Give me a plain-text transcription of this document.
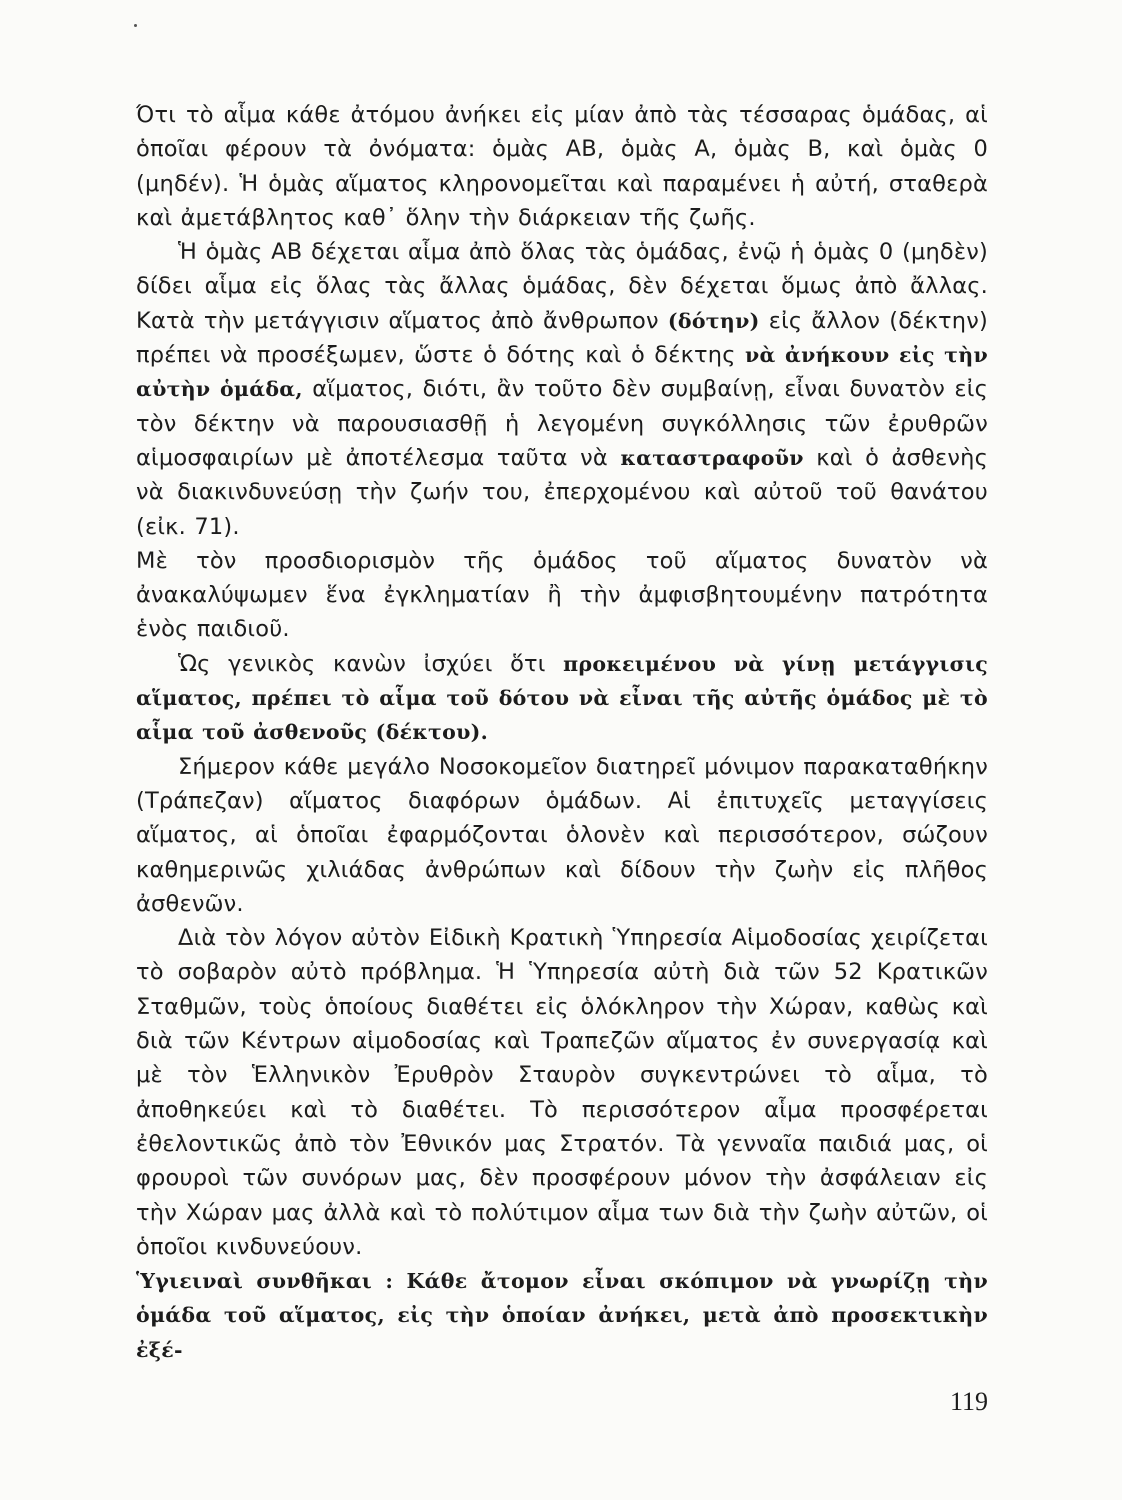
Ότι τὸ αἷμα κάθε ἀτόμου ἀνήκει εἰς μίαν ἀπὸ τὰς τέσσαρας ὁμάδας, αἱ ὁποῖαι φέρουν τὰ ὀνόματα: ὁμὰς ΑΒ, ὁμὰς Α, ὁμὰς Β, καὶ ὁμὰς 0 (μηδέν). Ἡ ὁμὰς αἵματος κληρονομεῖται καὶ παραμένει ἡ αὐτή, σταθερὰ καὶ ἀμετάβλητος καθ᾿ ὅλην τὴν διάρκειαν τῆς ζωῆς.

Ἡ ὁμὰς ΑΒ δέχεται αἷμα ἀπὸ ὅλας τὰς ὁμάδας, ἐνῷ ἡ ὁμὰς 0 (μηδὲν) δίδει αἷμα εἰς ὅλας τὰς ἄλλας ὁμάδας, δὲν δέχεται ὅμως ἀπὸ ἄλλας. Κατὰ τὴν μετάγγισιν αἵματος ἀπὸ ἄνθρωπον (δότην) εἰς ἄλλον (δέκτην) πρέπει νὰ προσέξωμεν, ὥστε ὁ δότης καὶ ὁ δέκτης νὰ ἀνήκουν εἰς τὴν αὐτὴν ὁμάδα, αἵματος, διότι, ἂν τοῦτο δὲν συμβαίνῃ, εἶναι δυνατὸν εἰς τὸν δέκτην νὰ παρουσιασθῇ ἡ λεγομένη συγκόλλησις τῶν ἐρυθρῶν αἱμοσφαιρίων μὲ ἀποτέλεσμα ταῦτα νὰ καταστραφοῦν καὶ ὁ ἀσθενὴς νὰ διακινδυνεύσῃ τὴν ζωήν του, ἐπερχομένου καὶ αὐτοῦ τοῦ θανάτου (εἰκ. 71).

Μὲ τὸν προσδιορισμὸν τῆς ὁμάδος τοῦ αἵματος δυνατὸν νὰ ἀνακαλύψωμεν ἕνα ἐγκληματίαν ἢ τὴν ἀμφισβητουμένην πατρότητα ἑνὸς παιδιοῦ.

Ὡς γενικὸς κανὼν ἰσχύει ὅτι προκειμένου νὰ γίνῃ μετάγγισις αἵματος, πρέπει τὸ αἷμα τοῦ δότου νὰ εἶναι τῆς αὐτῆς ὁμάδος μὲ τὸ αἷμα τοῦ ἀσθενοῦς (δέκτου).

Σήμερον κάθε μεγάλο Νοσοκομεῖον διατηρεῖ μόνιμον παρακαταθήκην (Τράπεζαν) αἵματος διαφόρων ὁμάδων. Αἱ ἐπιτυχεῖς μεταγγίσεις αἵματος, αἱ ὁποῖαι ἐφαρμόζονται ὁλονὲν καὶ περισσότερον, σώζουν καθημερινῶς χιλιάδας ἀνθρώπων καὶ δίδουν τὴν ζωὴν εἰς πλῆθος ἀσθενῶν.

Διὰ τὸν λόγον αὐτὸν Εἰδικὴ Κρατικὴ Ὑπηρεσία Αἱμοδοσίας χειρίζεται τὸ σοβαρὸν αὐτὸ πρόβλημα. Ἡ Ὑπηρεσία αὐτὴ διὰ τῶν 52 Κρατικῶν Σταθμῶν, τοὺς ὁποίους διαθέτει εἰς ὁλόκληρον τὴν Χώραν, καθὼς καὶ διὰ τῶν Κέντρων αἱμοδοσίας καὶ Τραπεζῶν αἵματος ἐν συνεργασίᾳ καὶ μὲ τὸν Ἑλληνικὸν Ἐρυθρὸν Σταυρὸν συγκεντρώνει τὸ αἷμα, τὸ ἀποθηκεύει καὶ τὸ διαθέτει. Τὸ περισσότερον αἷμα προσφέρεται ἐθελοντικῶς ἀπὸ τὸν Ἐθνικόν μας Στρατόν. Τὰ γενναῖα παιδιά μας, οἱ φρουροὶ τῶν συνόρων μας, δὲν προσφέρουν μόνον τὴν ἀσφάλειαν εἰς τὴν Χώραν μας ἀλλὰ καὶ τὸ πολύτιμον αἷμα των διὰ τὴν ζωὴν αὐτῶν, οἱ ὁποῖοι κινδυνεύουν.

Ὑγιειναὶ συνθῆκαι : Κάθε ἄτομον εἶναι σκόπιμον νὰ γνωρίζῃ τὴν ὁμάδα τοῦ αἵματος, εἰς τὴν ὁποίαν ἀνήκει, μετὰ ἀπὸ προσεκτικὴν ἐξέ-

119
